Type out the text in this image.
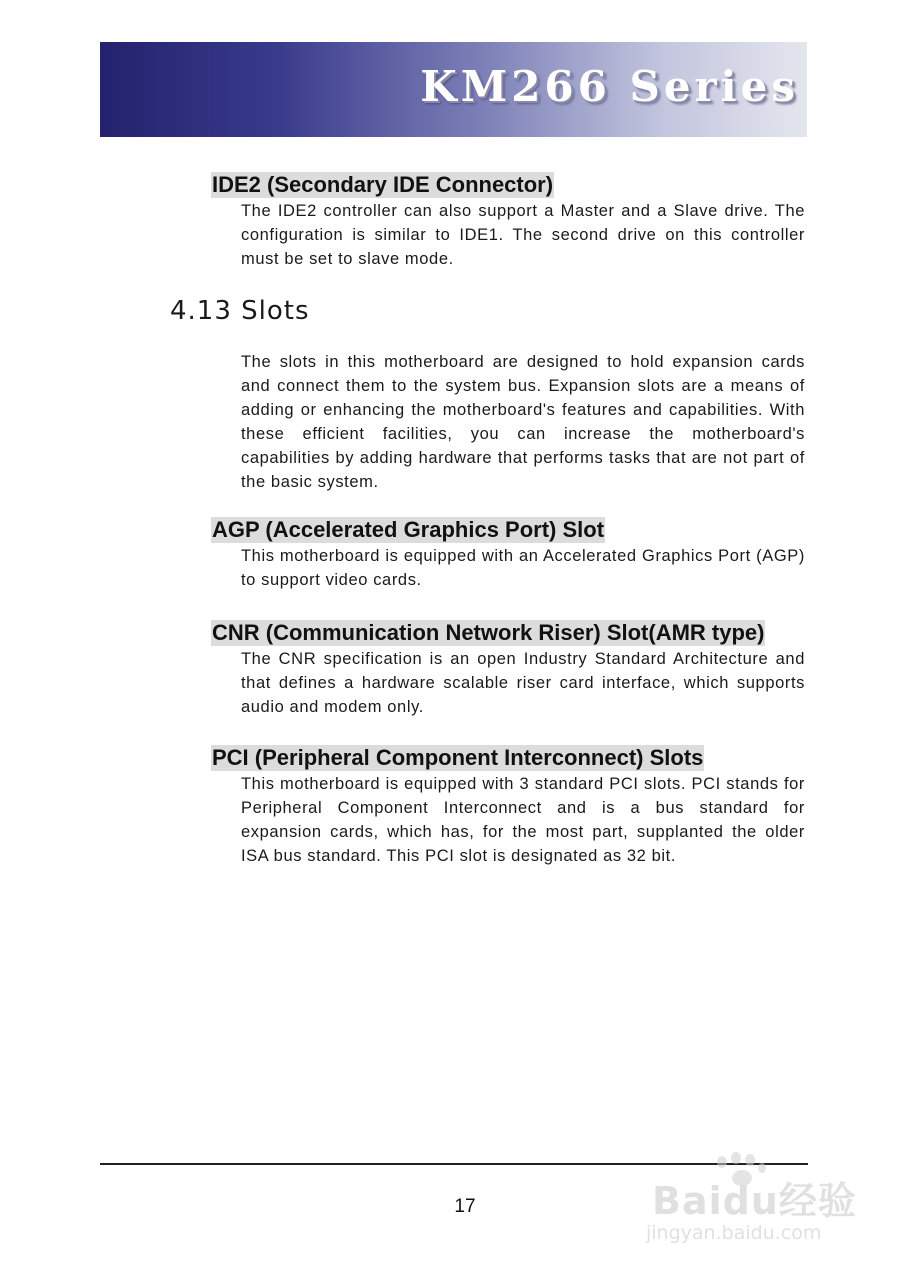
KM266 Series
IDE2 (Secondary IDE Connector)
The IDE2 controller can also support a Master and a Slave drive. The configuration is similar to IDE1. The second drive on this controller must be set to slave mode.
4.13 Slots
The slots in this motherboard are designed to hold expansion cards and connect them to the system bus. Expansion slots are a means of adding or enhancing the motherboard's features and capabilities. With these efficient facilities, you can increase the motherboard's capabilities by adding hardware that performs tasks that are not part of the basic system.
AGP (Accelerated Graphics Port) Slot
This motherboard is equipped with an Accelerated Graphics Port (AGP) to support video cards.
CNR (Communication Network Riser) Slot(AMR type)
The CNR specification is an open Industry Standard Architecture and that defines a hardware scalable riser card interface, which supports audio and modem only.
PCI (Peripheral Component Interconnect) Slots
This motherboard is equipped with 3 standard PCI slots. PCI stands for Peripheral Component Interconnect and is a bus standard for expansion cards, which has, for the most part, supplanted the older ISA bus standard. This PCI slot is designated as 32 bit.
17	Baidu经验
jingyan.baidu.com
